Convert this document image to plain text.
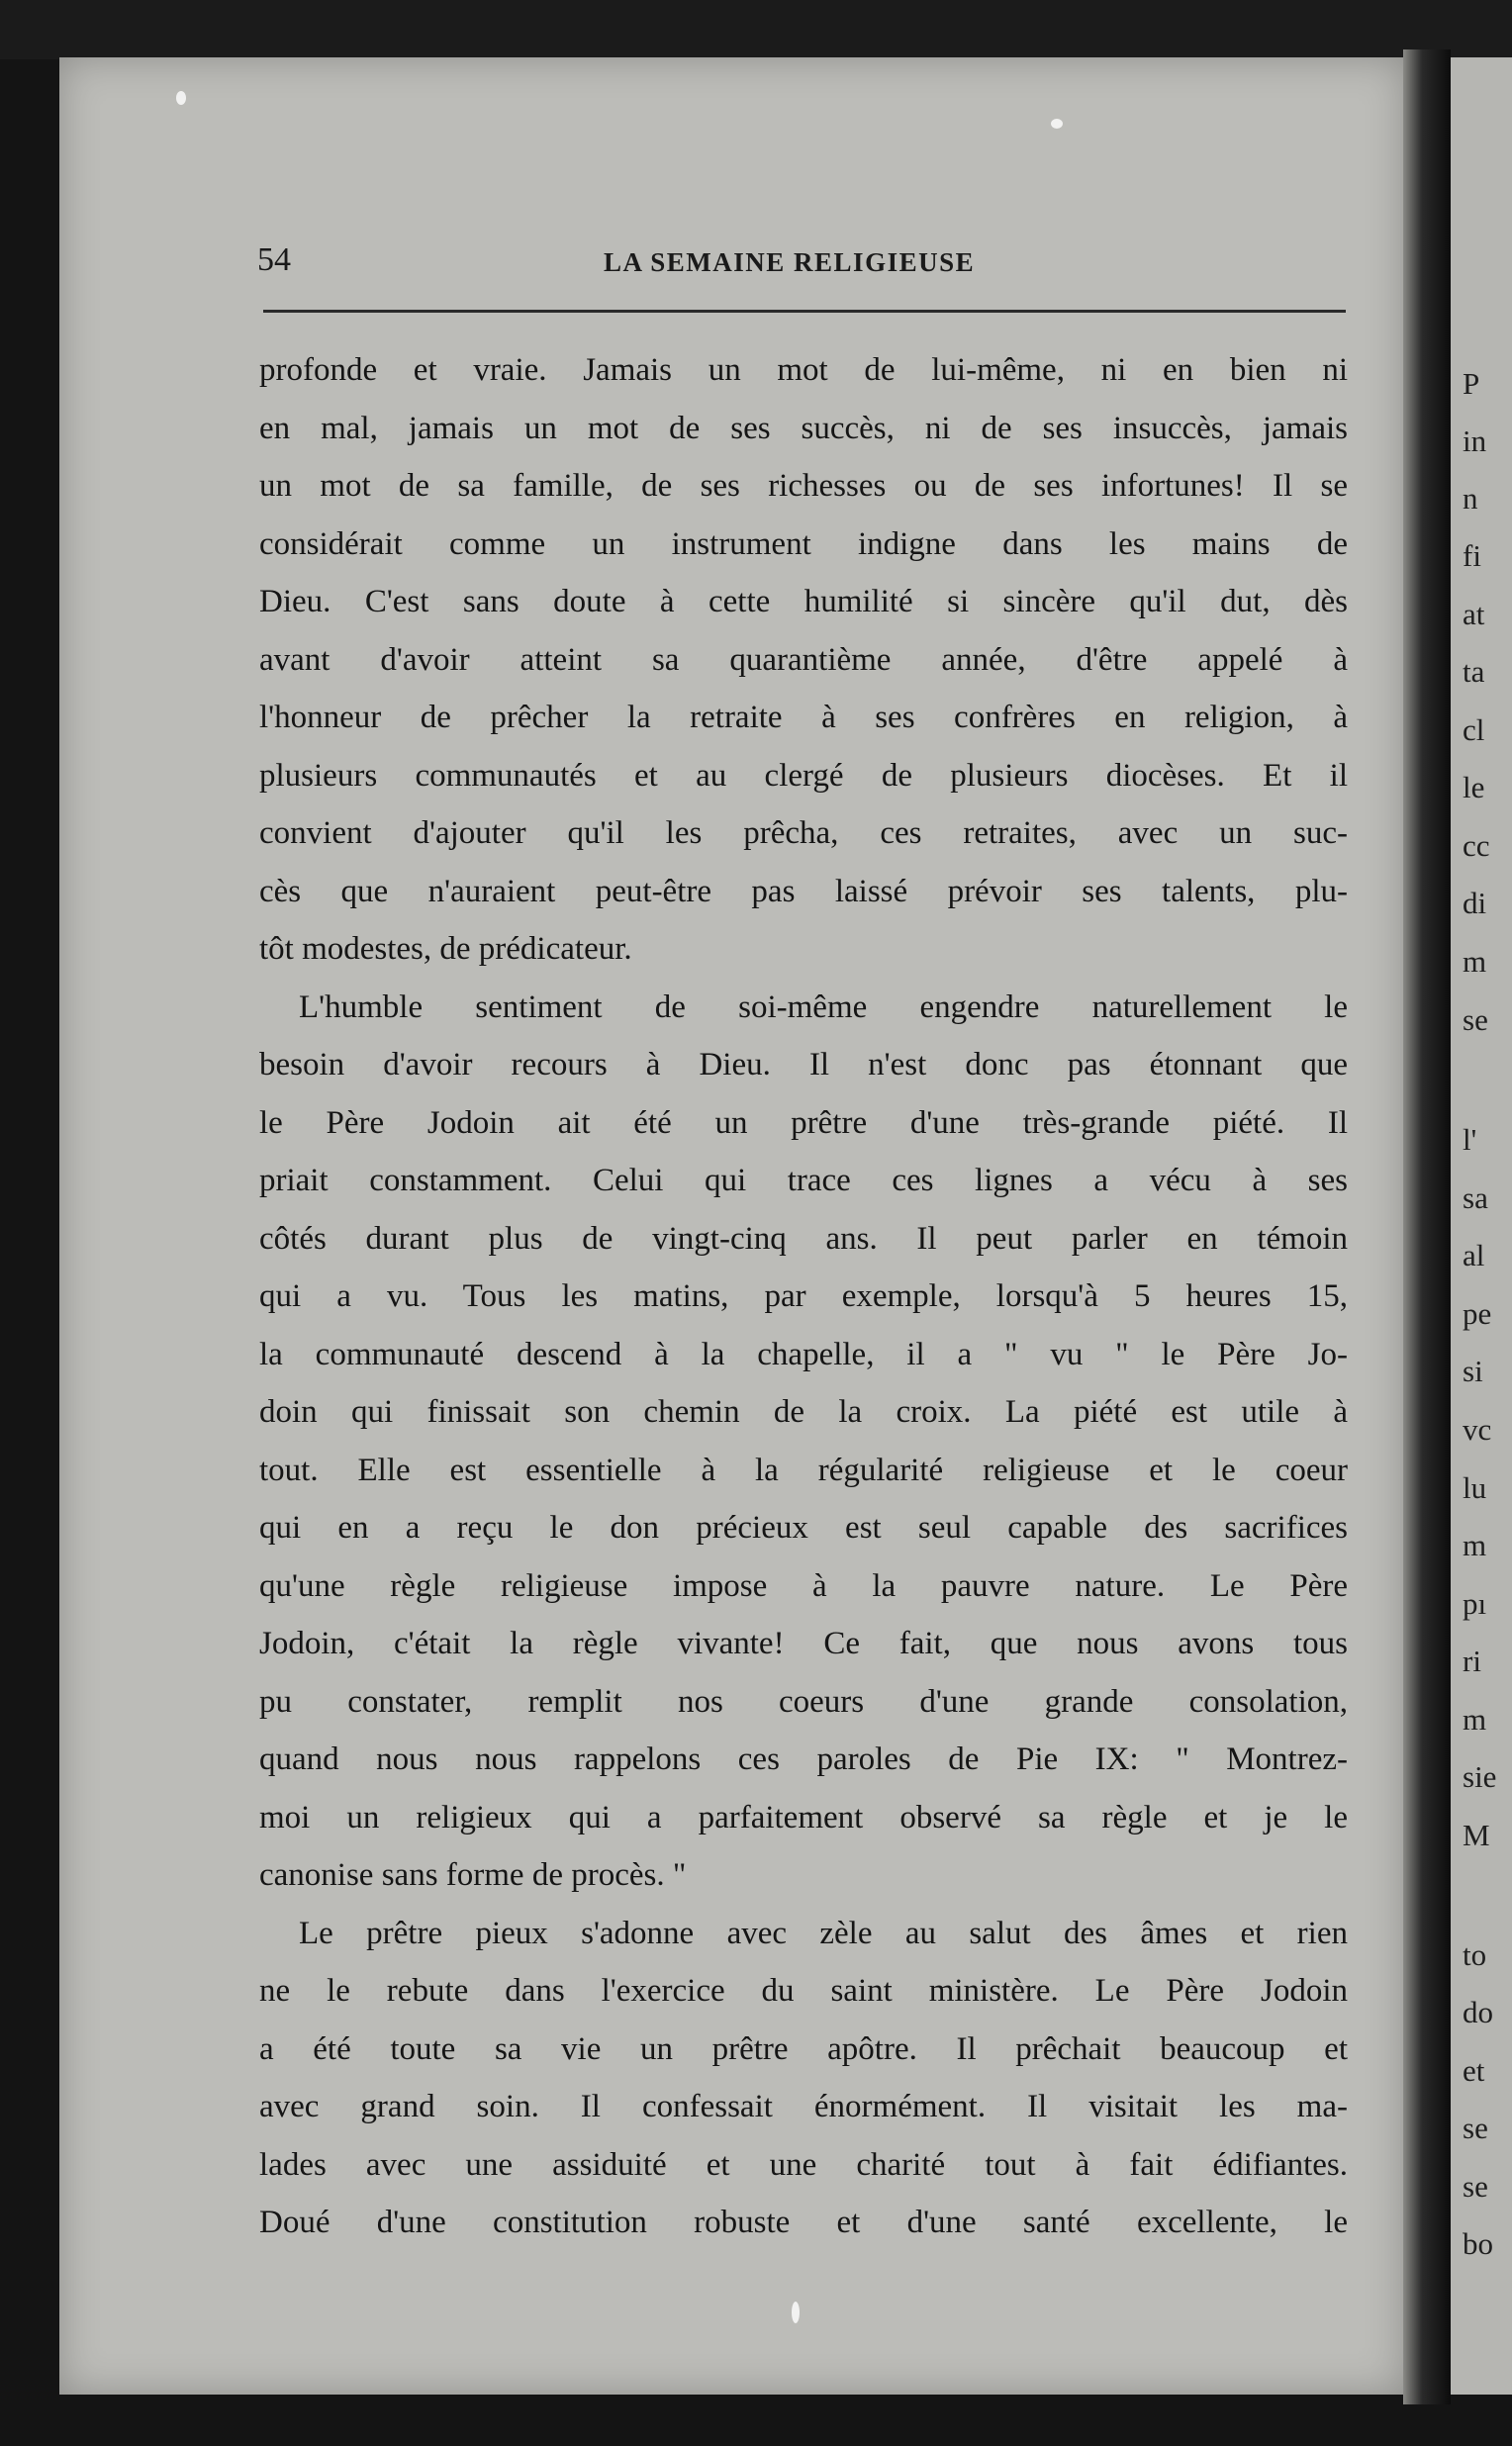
P
in
n
fi
at
ta
cl
le
cc
di
m
se
l'
sa
al
pe
si
vc
lu
m
pı
ri
m
sie
M
to
do
et
se
se
bo
54	LA SEMAINE RELIGIEUSE
profonde et vraie. Jamais un mot de lui-même, ni en bien ni
en mal, jamais un mot de ses succès, ni de ses insuccès, jamais
un mot de sa famille, de ses richesses ou de ses infortunes! Il se
considérait comme un instrument indigne dans les mains de
Dieu. C'est sans doute à cette humilité si sincère qu'il dut, dès
avant d'avoir atteint sa quarantième année, d'être appelé à
l'honneur de prêcher la retraite à ses confrères en religion, à
plusieurs communautés et au clergé de plusieurs diocèses. Et il
convient d'ajouter qu'il les prêcha, ces retraites, avec un suc-
cès que n'auraient peut-être pas laissé prévoir ses talents, plu-
tôt modestes, de prédicateur.
L'humble sentiment de soi-même engendre naturellement le
besoin d'avoir recours à Dieu. Il n'est donc pas étonnant que
le Père Jodoin ait été un prêtre d'une très-grande piété. Il
priait constamment. Celui qui trace ces lignes a vécu à ses
côtés durant plus de vingt-cinq ans. Il peut parler en témoin
qui a vu. Tous les matins, par exemple, lorsqu'à 5 heures 15,
la communauté descend à la chapelle, il a " vu " le Père Jo-
doin qui finissait son chemin de la croix. La piété est utile à
tout. Elle est essentielle à la régularité religieuse et le coeur
qui en a reçu le don précieux est seul capable des sacrifices
qu'une règle religieuse impose à la pauvre nature. Le Père
Jodoin, c'était la règle vivante! Ce fait, que nous avons tous
pu constater, remplit nos coeurs d'une grande consolation,
quand nous nous rappelons ces paroles de Pie IX: " Montrez-
moi un religieux qui a parfaitement observé sa règle et je le
canonise sans forme de procès. "
Le prêtre pieux s'adonne avec zèle au salut des âmes et rien
ne le rebute dans l'exercice du saint ministère. Le Père Jodoin
a été toute sa vie un prêtre apôtre. Il prêchait beaucoup et
avec grand soin. Il confessait énormément. Il visitait les ma-
lades avec une assiduité et une charité tout à fait édifiantes.
Doué d'une constitution robuste et d'une santé excellente, le
